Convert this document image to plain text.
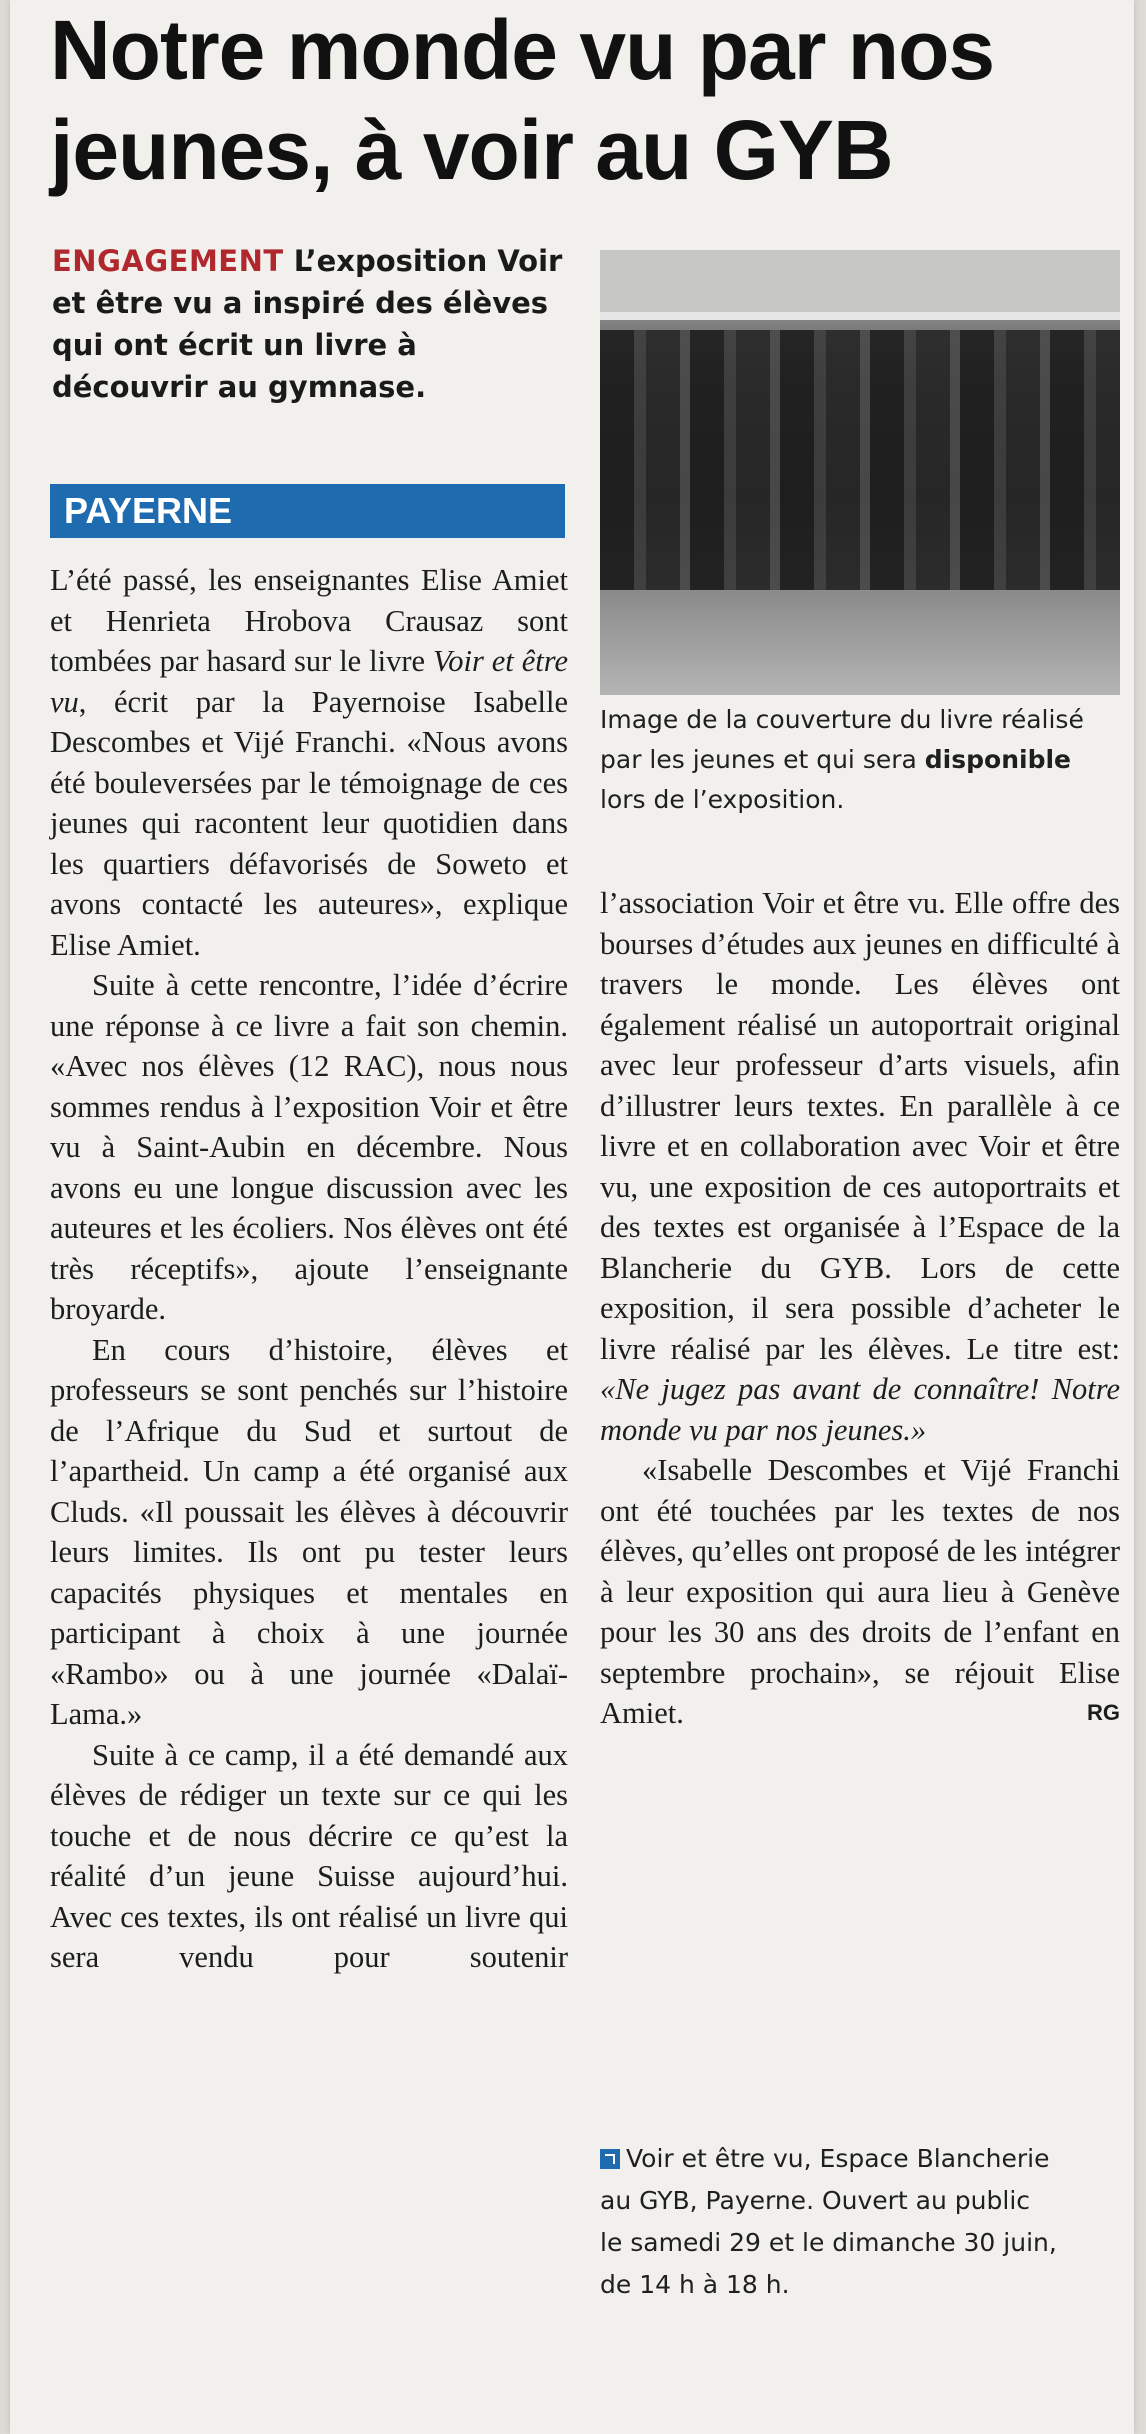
Notre monde vu par nos jeunes, à voir au GYB

ENGAGEMENT L’exposition Voir et être vu a inspiré des élèves qui ont écrit un livre à découvrir au gymnase.

PAYERNE

Image de la couverture du livre réalisé par les jeunes et qui sera disponible lors de l’exposition.

L’été passé, les enseignantes Elise Amiet et Henrieta Hrobova Crausaz sont tombées par hasard sur le livre Voir et être vu, écrit par la Payernoise Isabelle Descombes et Vijé Franchi. «Nous avons été bouleversées par le témoignage de ces jeunes qui racontent leur quotidien dans les quartiers défavorisés de Soweto et avons contacté les auteures», explique Elise Amiet.

Suite à cette rencontre, l’idée d’écrire une réponse à ce livre a fait son chemin. «Avec nos élèves (12 RAC), nous nous sommes rendus à l’exposition Voir et être vu à Saint-Aubin en décembre. Nous avons eu une longue discussion avec les auteures et les écoliers. Nos élèves ont été très réceptifs», ajoute l’enseignante broyarde.

En cours d’histoire, élèves et professeurs se sont penchés sur l’histoire de l’Afrique du Sud et surtout de l’apartheid. Un camp a été organisé aux Cluds. «Il poussait les élèves à découvrir leurs limites. Ils ont pu tester leurs capacités physiques et mentales en participant à choix à une journée «Rambo» ou à une journée «Dalaï-Lama.»

Suite à ce camp, il a été demandé aux élèves de rédiger un texte sur ce qui les touche et de nous décrire ce qu’est la réalité d’un jeune Suisse aujourd’hui. Avec ces textes, ils ont réalisé un livre qui sera vendu pour soutenir

l’association Voir et être vu. Elle offre des bourses d’études aux jeunes en difficulté à travers le monde. Les élèves ont également réalisé un autoportrait original avec leur professeur d’arts visuels, afin d’illustrer leurs textes. En parallèle à ce livre et en collaboration avec Voir et être vu, une exposition de ces autoportraits et des textes est organisée à l’Espace de la Blancherie du GYB. Lors de cette exposition, il sera possible d’acheter le livre réalisé par les élèves. Le titre est: «Ne jugez pas avant de connaître! Notre monde vu par nos jeunes.»

«Isabelle Descombes et Vijé Franchi ont été touchées par les textes de nos élèves, qu’elles ont proposé de les intégrer à leur exposition qui aura lieu à Genève pour les 30 ans des droits de l’enfant en septembre prochain», se réjouit Elise Amiet.	RG

Voir et être vu, Espace Blancherie
au GYB, Payerne. Ouvert au public
le samedi 29 et le dimanche 30 juin,
de 14 h à 18 h.
